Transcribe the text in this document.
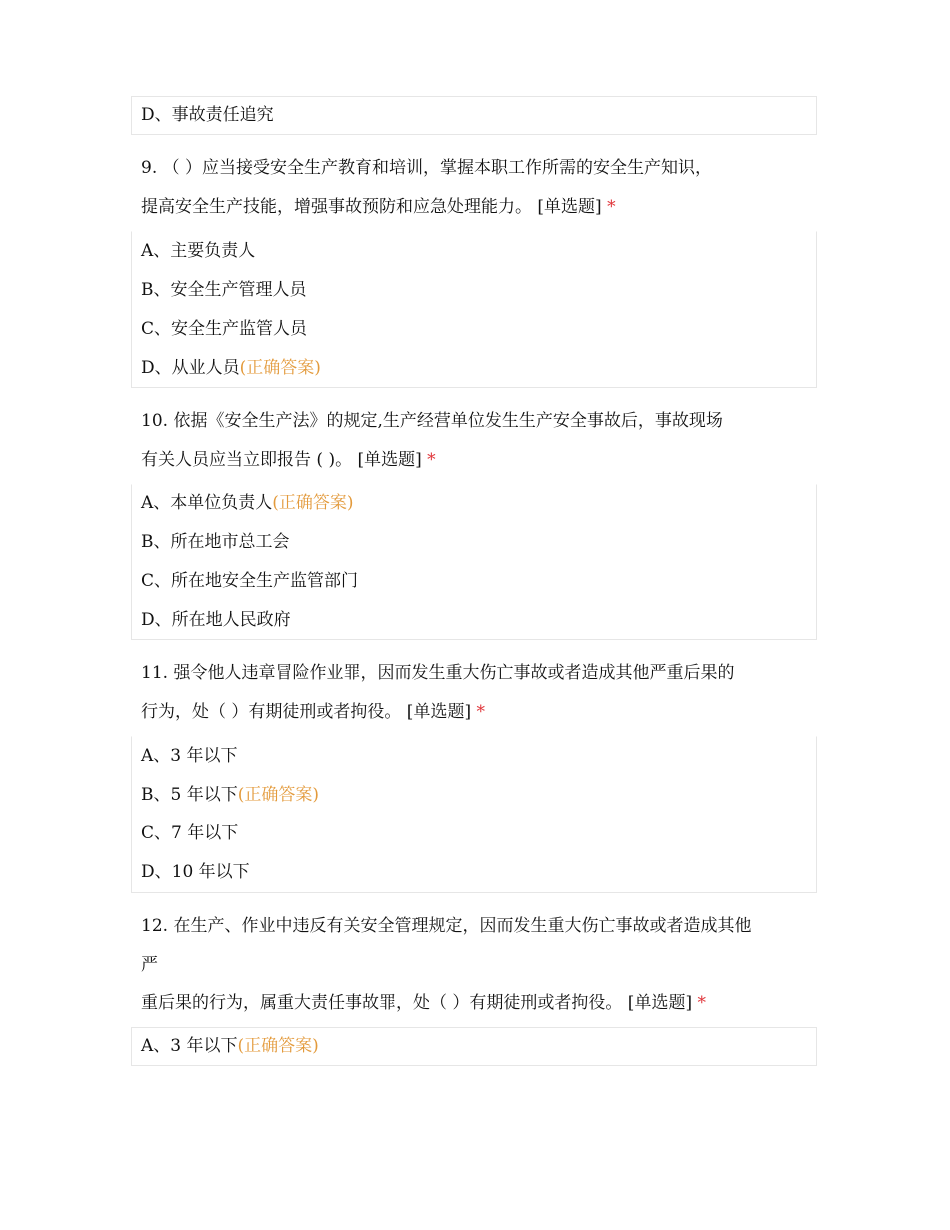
D、事故责任追究
9. （ ）应当接受安全生产教育和培训，掌握本职工作所需的安全生产知识，
提高安全生产技能，增强事故预防和应急处理能力。 [单选题] *
A、主要负责人
B、安全生产管理人员
C、安全生产监管人员
D、从业人员(正确答案)
10. 依据《安全生产法》的规定,生产经营单位发生生产安全事故后，事故现场
有关人员应当立即报告 ( )。 [单选题] *
A、本单位负责人(正确答案)
B、所在地市总工会
C、所在地安全生产监管部门
D、所在地人民政府
11. 强令他人违章冒险作业罪，因而发生重大伤亡事故或者造成其他严重后果的
行为，处（ ）有期徒刑或者拘役。 [单选题] *
A、3 年以下
B、5 年以下(正确答案)
C、7 年以下
D、10 年以下
12. 在生产、作业中违反有关安全管理规定，因而发生重大伤亡事故或者造成其他
严
重后果的行为，属重大责任事故罪，处（ ）有期徒刑或者拘役。 [单选题] *
A、3 年以下(正确答案)
